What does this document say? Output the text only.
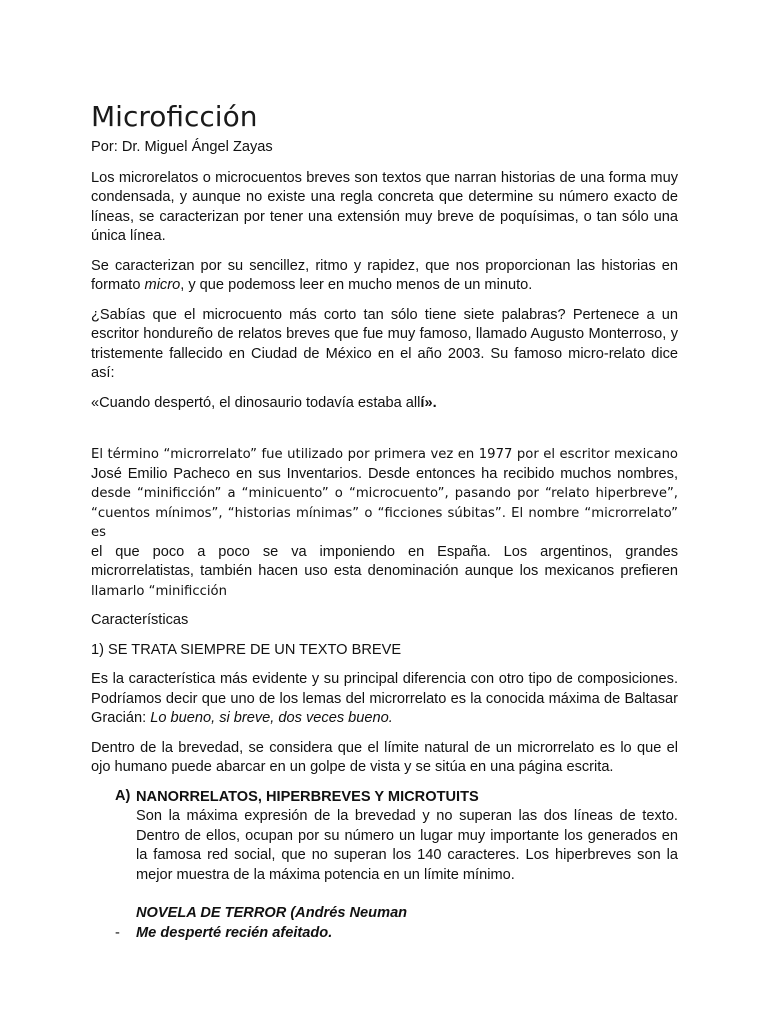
Microficción

Por: Dr. Miguel Ángel Zayas

Los microrelatos o microcuentos breves son textos que narran historias de una forma muy condensada, y aunque no existe una regla concreta que determine su número exacto de líneas, se caracterizan por tener una extensión muy breve de poquísimas, o tan sólo una única línea.

Se caracterizan por su sencillez, ritmo y rapidez, que nos proporcionan las historias en formato micro, y que podemoss leer en mucho menos de un minuto.

¿Sabías que el microcuento más corto tan sólo tiene siete palabras? Pertenece a un escritor hondureño de relatos breves que fue muy famoso, llamado Augusto Monterroso, y tristemente fallecido en Ciudad de México en el año 2003. Su famoso micro-relato dice así:

«Cuando despertó, el dinosaurio todavía estaba allí».

El término “microrrelato” fue utilizado por primera vez en 1977 por el escritor mexicano
José Emilio Pacheco en sus Inventarios. Desde entonces ha recibido muchos nombres,
desde “minificción” a “minicuento” o “microcuento”, pasando por “relato hiperbreve”,
“cuentos mínimos”, “historias mínimas” o “ficciones súbitas”. El nombre “microrrelato” es
el que poco a poco se va imponiendo en España. Los argentinos, grandes
microrrelatistas, también hacen uso esta denominación aunque los mexicanos prefieren
llamarlo “minificción

Características

1) SE TRATA SIEMPRE DE UN TEXTO BREVE

Es la característica más evidente y su principal diferencia con otro tipo de composiciones. Podríamos decir que uno de los lemas del microrrelato es la conocida máxima de Baltasar Gracián: Lo bueno, si breve, dos veces bueno.

Dentro de la brevedad, se considera que el límite natural de un microrrelato es lo que el ojo humano puede abarcar en un golpe de vista y se sitúa en una página escrita.

A) NANORRELATOS, HIPERBREVES Y MICROTUITS
Son la máxima expresión de la brevedad y no superan las dos líneas de texto. Dentro de ellos, ocupan por su número un lugar muy importante los generados en la famosa red social, que no superan los 140 caracteres. Los hiperbreves son la mejor muestra de la máxima potencia en un límite mínimo.
NOVELA DE TERROR (Andrés Neuman
- Me desperté recién afeitado.
